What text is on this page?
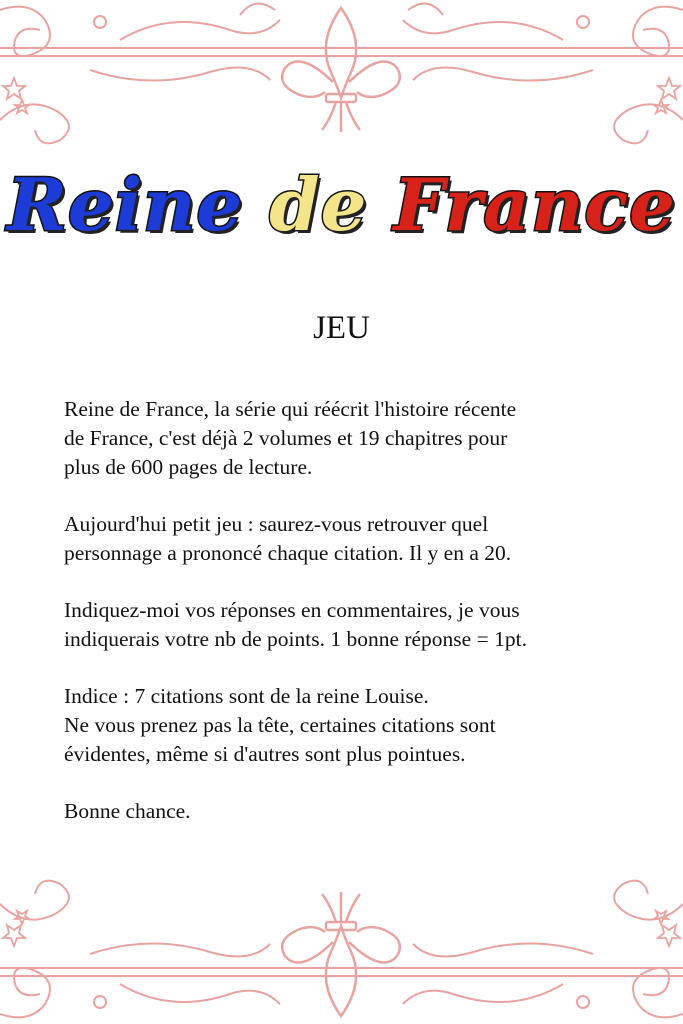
Reine de France
JEU

Reine de France, la série qui réécrit l'histoire récente
de France, c'est déjà 2 volumes et 19 chapitres pour
plus de 600 pages de lecture.

Aujourd'hui petit jeu : saurez-vous retrouver quel
personnage a prononcé chaque citation. Il y en a 20.

Indiquez-moi vos réponses en commentaires, je vous
indiquerais votre nb de points. 1 bonne réponse = 1pt.

Indice : 7 citations sont de la reine Louise.
Ne vous prenez pas la tête, certaines citations sont
évidentes, même si d'autres sont plus pointues.

Bonne chance.
